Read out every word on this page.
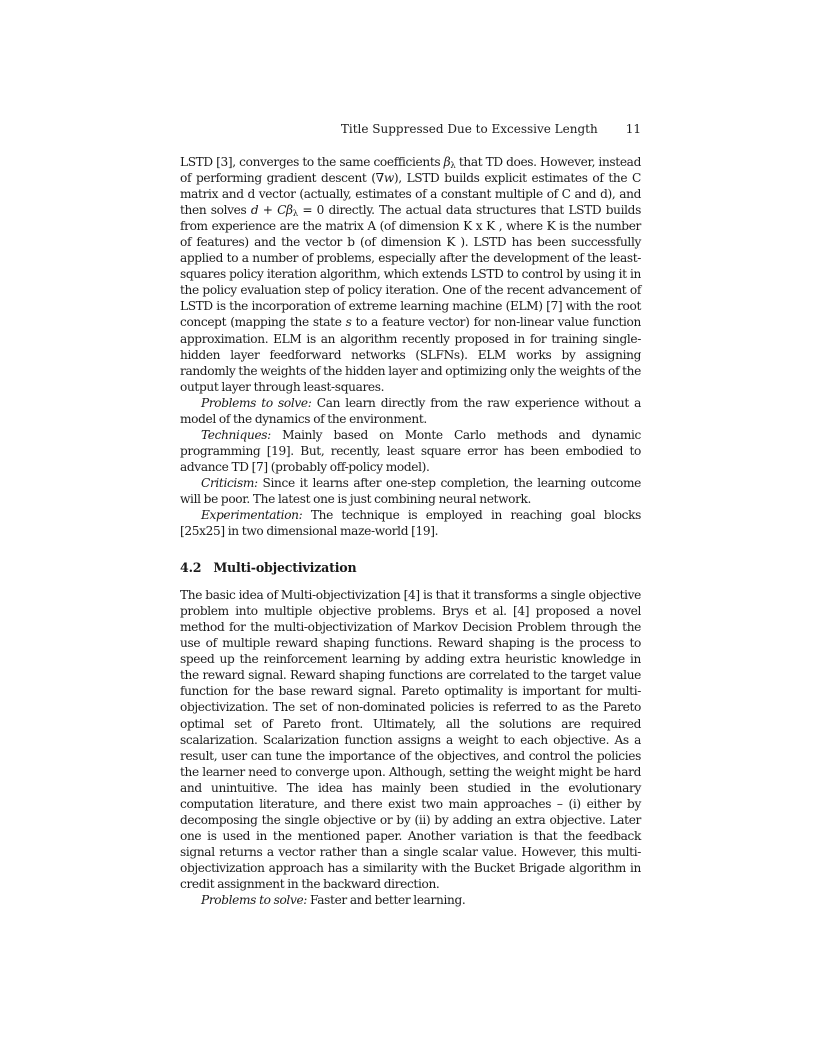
Title Suppressed Due to Excessive Length 11

LSTD [3], converges to the same coefficients $\beta_\lambda$ that TD does. However, instead of performing gradient descent (∇w), LSTD builds explicit estimates of the C matrix and d vector (actually, estimates of a constant multiple of C and d), and then solves $d + C\beta_\lambda = 0$ directly. The actual data structures that LSTD builds from experience are the matrix A (of dimension K x K , where K is the number of features) and the vector b (of dimension K ). LSTD has been successfully applied to a number of problems, especially after the development of the least-squares policy iteration algorithm, which extends LSTD to control by using it in the policy evaluation step of policy iteration. One of the recent advancement of LSTD is the incorporation of extreme learning machine (ELM) [7] with the root concept (mapping the state s to a feature vector) for non-linear value function approximation. ELM is an algorithm recently proposed in for training single-hidden layer feedforward networks (SLFNs). ELM works by assigning randomly the weights of the hidden layer and optimizing only the weights of the output layer through least-squares.

Problems to solve: Can learn directly from the raw experience without a model of the dynamics of the environment.

Techniques: Mainly based on Monte Carlo methods and dynamic programming [19]. But, recently, least square error has been embodied to advance TD [7] (probably off-policy model).

Criticism: Since it learns after one-step completion, the learning outcome will be poor. The latest one is just combining neural network.

Experimentation: The technique is employed in reaching goal blocks [25x25] in two dimensional maze-world [19].

4.2 Multi-objectivization

The basic idea of Multi-objectivization [4] is that it transforms a single objective problem into multiple objective problems. Brys et al. [4] proposed a novel method for the multi-objectivization of Markov Decision Problem through the use of multiple reward shaping functions. Reward shaping is the process to speed up the reinforcement learning by adding extra heuristic knowledge in the reward signal. Reward shaping functions are correlated to the target value function for the base reward signal. Pareto optimality is important for multi-objectivization. The set of non-dominated policies is referred to as the Pareto optimal set of Pareto front. Ultimately, all the solutions are required scalarization. Scalarization function assigns a weight to each objective. As a result, user can tune the importance of the objectives, and control the policies the learner need to converge upon. Although, setting the weight might be hard and unintuitive. The idea has mainly been studied in the evolutionary computation literature, and there exist two main approaches – (i) either by decomposing the single objective or by (ii) by adding an extra objective. Later one is used in the mentioned paper. Another variation is that the feedback signal returns a vector rather than a single scalar value. However, this multi-objectivization approach has a similarity with the Bucket Brigade algorithm in credit assignment in the backward direction.

Problems to solve: Faster and better learning.
